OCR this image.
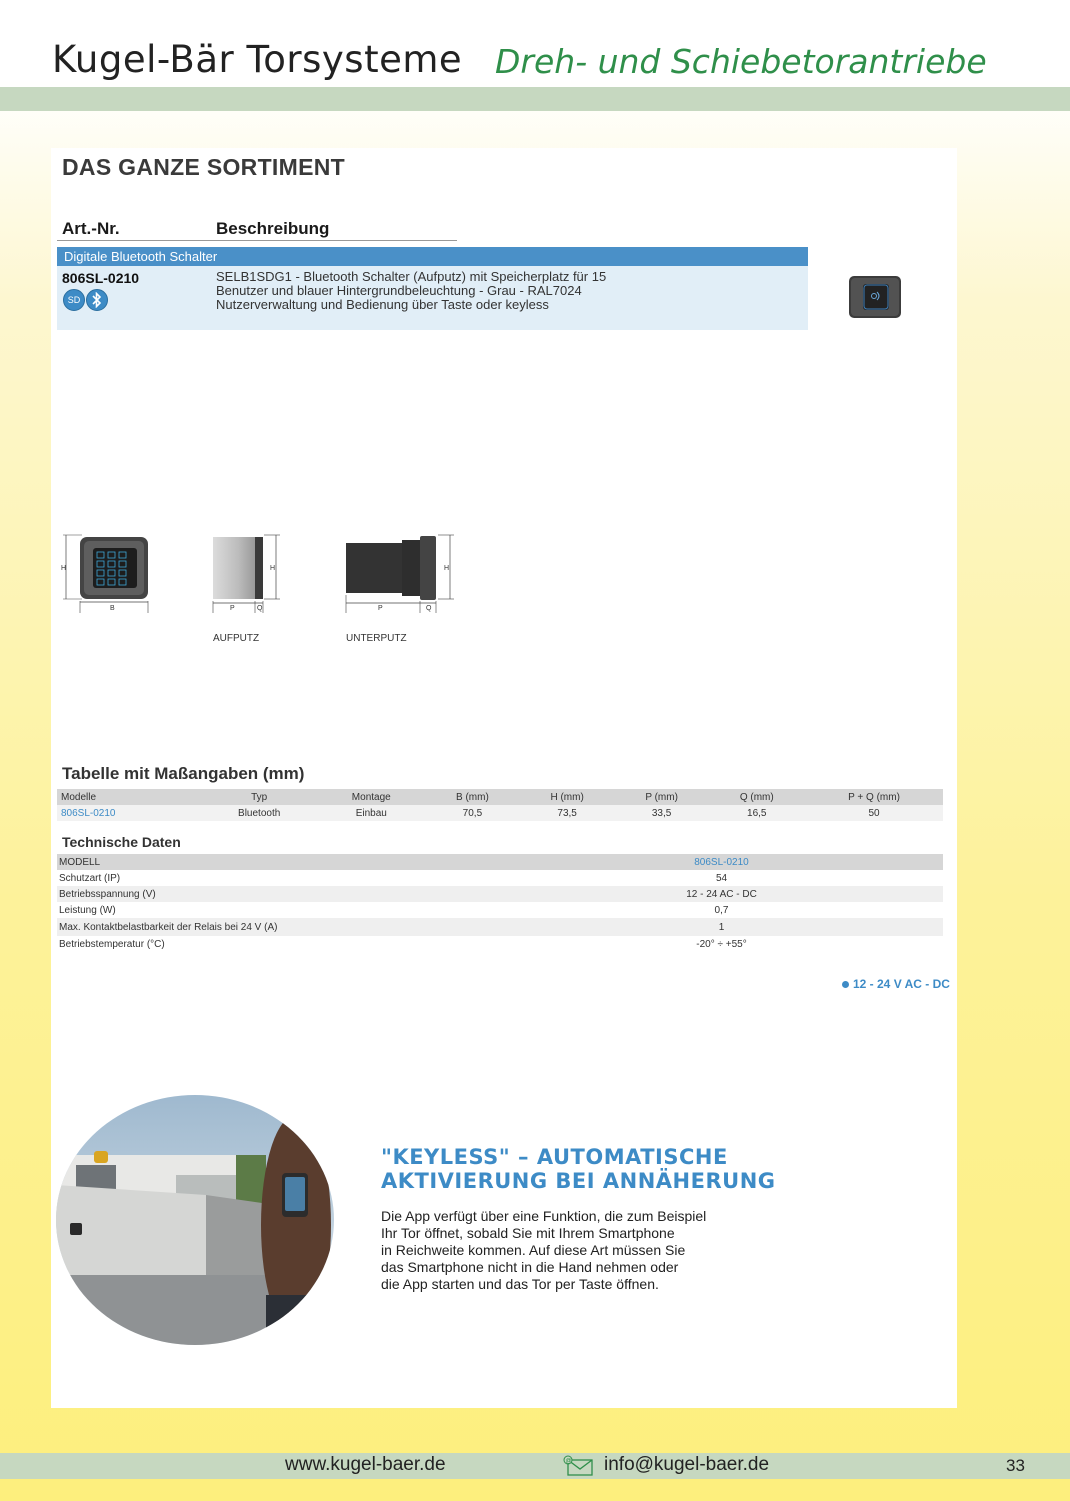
Kugel-Bär Torsysteme Dreh- und Schiebetorantriebe
DAS GANZE SORTIMENT
Art.-Nr.	Beschreibung
Digitale Bluetooth Schalter
806SL-0210	SELB1SDG1 - Bluetooth Schalter (Aufputz) mit Speicherplatz für 15
Benutzer und blauer Hintergrundbeleuchtung - Grau - RAL7024
Nutzerverwaltung und Bedienung über Taste oder keyless
SD
H
B
H
P	Q
H
P	Q
AUFPUTZ	UNTERPUTZ
Tabelle mit Maßangaben (mm)
Modelle	Typ	Montage	B (mm)	H (mm)	P (mm)	Q (mm)	P + Q (mm)
806SL-0210	Bluetooth	Einbau	70,5	73,5	33,5	16,5	50
Technische Daten
MODELL	806SL-0210
Schutzart (IP)	54
Betriebsspannung (V)	12 - 24 AC - DC
Leistung (W)	0,7
Max. Kontaktbelastbarkeit der Relais bei 24 V (A)	1
Betriebstemperatur (°C)	-20° ÷ +55°
12 - 24 V AC - DC
"KEYLESS" – AUTOMATISCHE
AKTIVIERUNG BEI ANNÄHERUNG
Die App verfügt über eine Funktion, die zum Beispiel
Ihr Tor öffnet, sobald Sie mit Ihrem Smartphone
in Reichweite kommen. Auf diese Art müssen Sie
das Smartphone nicht in die Hand nehmen oder
die App starten und das Tor per Taste öffnen.
www.kugel-baer.de	@ info@kugel-baer.de	33
